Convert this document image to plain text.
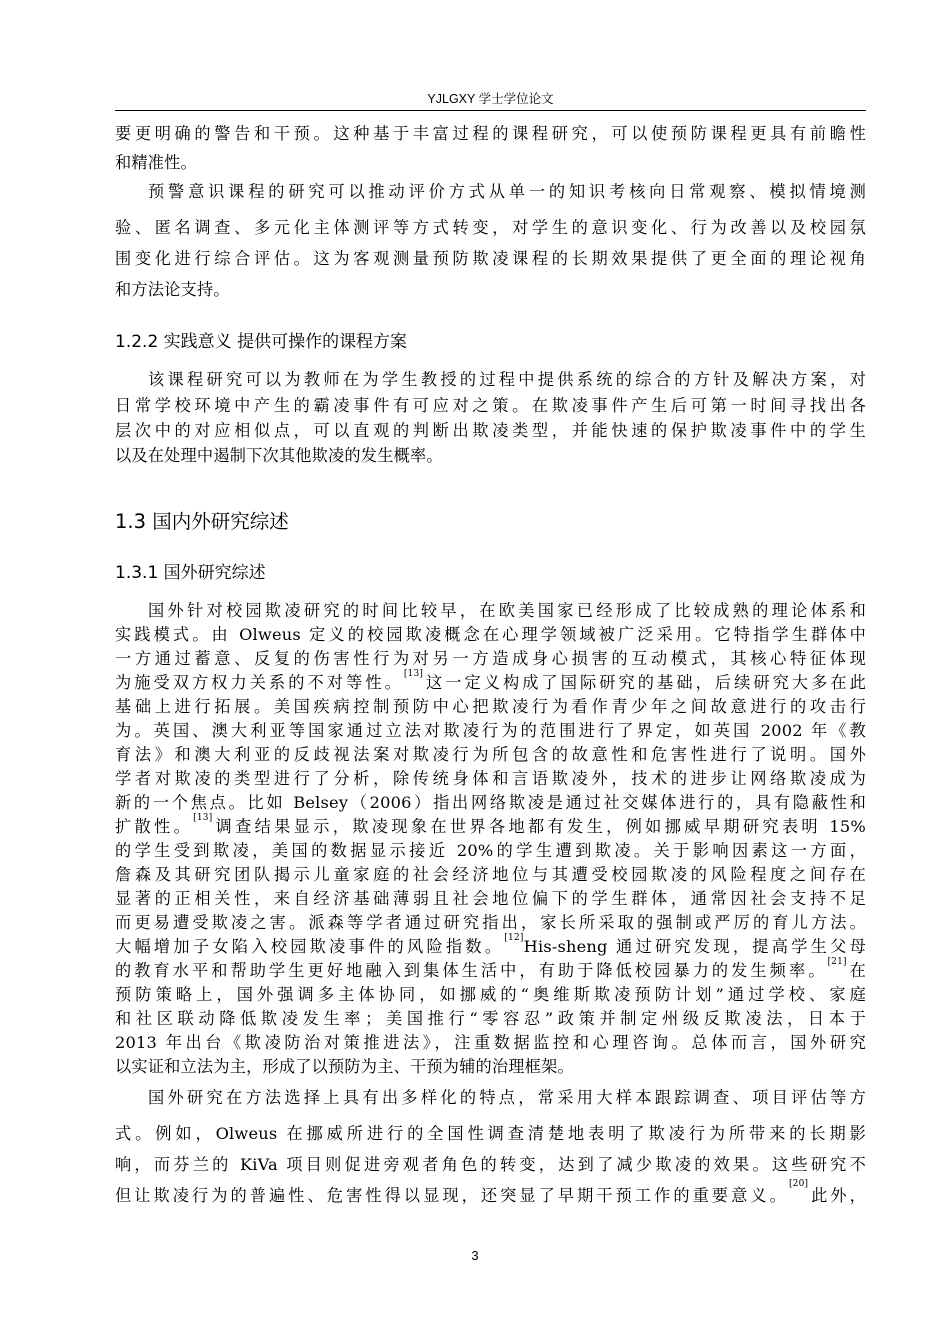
YJLGXY 学士学位论文
要更明确的警告和干预。这种基于丰富过程的课程研究，可以使预防课程更具有前瞻性
和精准性。
预警意识课程的研究可以推动评价方式从单一的知识考核向日常观察、模拟情境测
验、匿名调查、多元化主体测评等方式转变，对学生的意识变化、行为改善以及校园氛
围变化进行综合评估。这为客观测量预防欺凌课程的长期效果提供了更全面的理论视角
和方法论支持。
1.2.2 实践意义 提供可操作的课程方案
该课程研究可以为教师在为学生教授的过程中提供系统的综合的方针及解决方案，对
日常学校环境中产生的霸凌事件有可应对之策。在欺凌事件产生后可第一时间寻找出各
层次中的对应相似点，可以直观的判断出欺凌类型，并能快速的保护欺凌事件中的学生
以及在处理中遏制下次其他欺凌的发生概率。
1.3 国内外研究综述
1.3.1 国外研究综述
国外针对校园欺凌研究的时间比较早，在欧美国家已经形成了比较成熟的理论体系和
实践模式。由 Olweus 定义的校园欺凌概念在心理学领域被广泛采用。它特指学生群体中
一方通过蓄意、反复的伤害性行为对另一方造成身心损害的互动模式，其核心特征体现
为施受双方权力关系的不对等性。[13]这一定义构成了国际研究的基础，后续研究大多在此
基础上进行拓展。美国疾病控制预防中心把欺凌行为看作青少年之间故意进行的攻击行
为。英国、澳大利亚等国家通过立法对欺凌行为的范围进行了界定，如英国 2002 年《教
育法》和澳大利亚的反歧视法案对欺凌行为所包含的故意性和危害性进行了说明。国外
学者对欺凌的类型进行了分析，除传统身体和言语欺凌外，技术的进步让网络欺凌成为
新的一个焦点。比如 Belsey（2006）指出网络欺凌是通过社交媒体进行的，具有隐蔽性和
扩散性。[13]调查结果显示，欺凌现象在世界各地都有发生，例如挪威早期研究表明 15%
的学生受到欺凌，美国的数据显示接近 20%的学生遭到欺凌。关于影响因素这一方面，
詹森及其研究团队揭示儿童家庭的社会经济地位与其遭受校园欺凌的风险程度之间存在
显著的正相关性，来自经济基础薄弱且社会地位偏下的学生群体，通常因社会支持不足
而更易遭受欺凌之害。派森等学者通过研究指出，家长所采取的强制或严厉的育儿方法。
大幅增加子女陷入校园欺凌事件的风险指数。[12]His-sheng 通过研究发现，提高学生父母
的教育水平和帮助学生更好地融入到集体生活中，有助于降低校园暴力的发生频率。[21]在
预防策略上，国外强调多主体协同，如挪威的“奥维斯欺凌预防计划”通过学校、家庭
和社区联动降低欺凌发生率；美国推行“零容忍”政策并制定州级反欺凌法，日本于
2013 年出台《欺凌防治对策推进法》，注重数据监控和心理咨询。总体而言，国外研究
以实证和立法为主，形成了以预防为主、干预为辅的治理框架。
国外研究在方法选择上具有出多样化的特点，常采用大样本跟踪调查、项目评估等方
式。例如，Olweus 在挪威所进行的全国性调查清楚地表明了欺凌行为所带来的长期影
响，而芬兰的 KiVa 项目则促进旁观者角色的转变，达到了减少欺凌的效果。这些研究不
但让欺凌行为的普遍性、危害性得以显现，还突显了早期干预工作的重要意义。[20]此外，
3
